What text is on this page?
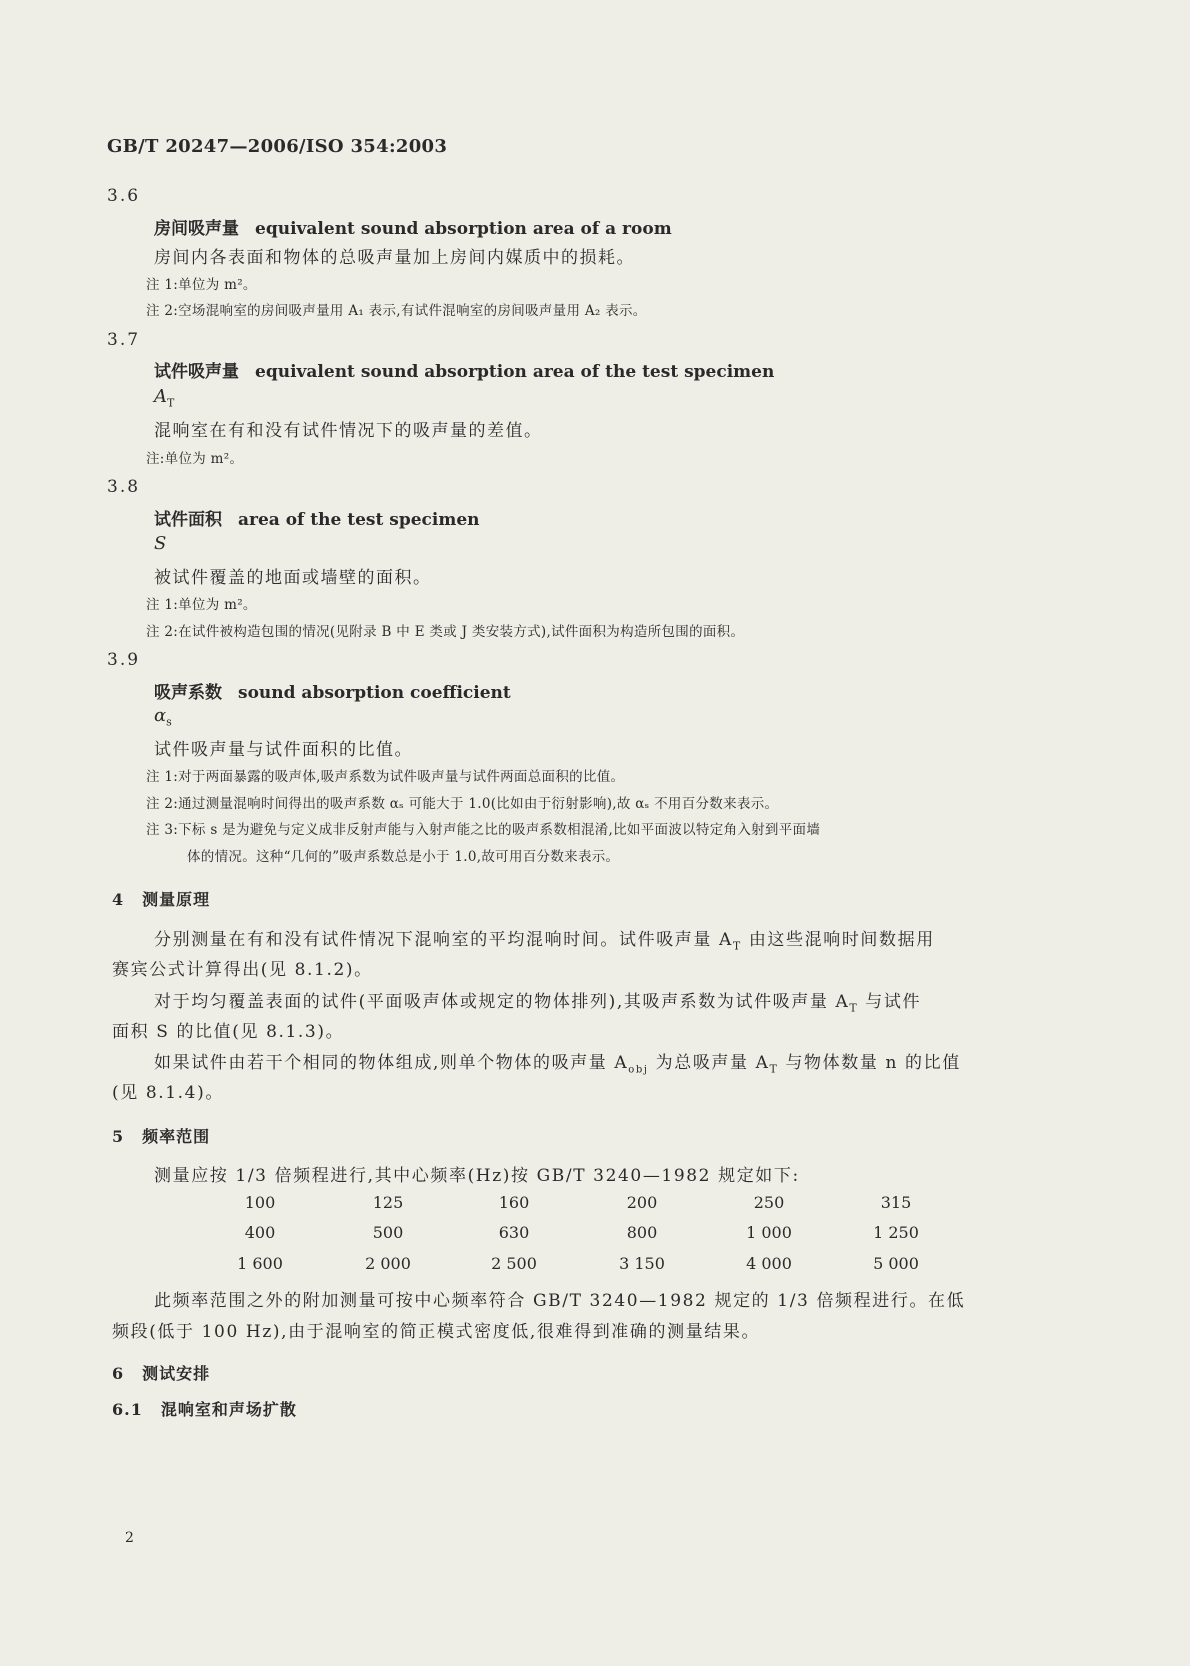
GB/T 20247—2006/ISO 354:2003
3.6
房间吸声量 equivalent sound absorption area of a room
房间内各表面和物体的总吸声量加上房间内媒质中的损耗。
注 1:单位为 m²。
注 2:空场混响室的房间吸声量用 A₁ 表示,有试件混响室的房间吸声量用 A₂ 表示。
3.7
试件吸声量 equivalent sound absorption area of the test specimen
$A_T$
混响室在有和没有试件情况下的吸声量的差值。
注:单位为 m²。
3.8
试件面积 area of the test specimen
S
被试件覆盖的地面或墙壁的面积。
注 1:单位为 m²。
注 2:在试件被构造包围的情况(见附录 B 中 E 类或 J 类安装方式),试件面积为构造所包围的面积。
3.9
吸声系数 sound absorption coefficient
$\alpha_s$
试件吸声量与试件面积的比值。
注 1:对于两面暴露的吸声体,吸声系数为试件吸声量与试件两面总面积的比值。
注 2:通过测量混响时间得出的吸声系数 αₛ 可能大于 1.0(比如由于衍射影响),故 αₛ 不用百分数来表示。
注 3:下标 s 是为避免与定义成非反射声能与入射声能之比的吸声系数相混淆,比如平面波以特定角入射到平面墙
体的情况。这种“几何的”吸声系数总是小于 1.0,故可用百分数来表示。
4 测量原理
分别测量在有和没有试件情况下混响室的平均混响时间。试件吸声量 $A_T$ 由这些混响时间数据用
赛宾公式计算得出(见 8.1.2)。
对于均匀覆盖表面的试件(平面吸声体或规定的物体排列),其吸声系数为试件吸声量 $A_T$ 与试件
面积 S 的比值(见 8.1.3)。
如果试件由若干个相同的物体组成,则单个物体的吸声量 $A_{obj}$ 为总吸声量 $A_T$ 与物体数量 n 的比值
(见 8.1.4)。
5 频率范围
测量应按 1/3 倍频程进行,其中心频率(Hz)按 GB/T 3240—1982 规定如下:
100	125	160	200	250	315
400	500	630	800	1 000	1 250
1 600	2 000	2 500	3 150	4 000	5 000
此频率范围之外的附加测量可按中心频率符合 GB/T 3240—1982 规定的 1/3 倍频程进行。在低
频段(低于 100 Hz),由于混响室的简正模式密度低,很难得到准确的测量结果。
6 测试安排
6.1 混响室和声场扩散
2
